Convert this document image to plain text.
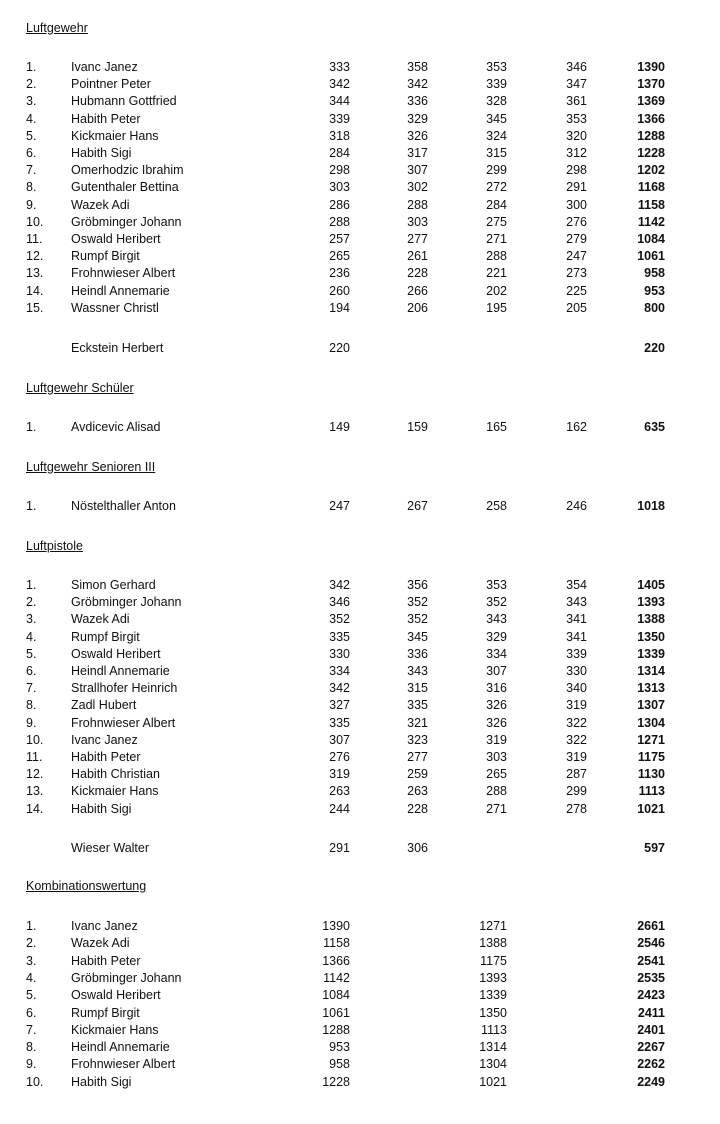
Luftgewehr
1.	Ivanc Janez	333	358	353	346	1390
2.	Pointner Peter	342	342	339	347	1370
3.	Hubmann Gottfried	344	336	328	361	1369
4.	Habith Peter	339	329	345	353	1366
5.	Kickmaier Hans	318	326	324	320	1288
6.	Habith Sigi	284	317	315	312	1228
7.	Omerhodzic Ibrahim	298	307	299	298	1202
8.	Gutenthaler Bettina	303	302	272	291	1168
9.	Wazek Adi	286	288	284	300	1158
10. Gröbminger Johann	288	303	275	276	1142
11. Oswald Heribert	257	277	271	279	1084
12. Rumpf Birgit	265	261	288	247	1061
13. Frohnwieser Albert	236	228	221	273	958
14. Heindl Annemarie	260	266	202	225	953
15. Wassner Christl	194	206	195	205	800
Eckstein Herbert	220	220
Luftgewehr Schüler
1.	Avdicevic Alisad	149	159	165	162	635
Luftgewehr Senioren III
1.	Nöstelthaller Anton	247	267	258	246	1018
Luftpistole
1.	Simon Gerhard	342	356	353	354	1405
2.	Gröbminger Johann	346	352	352	343	1393
3.	Wazek Adi	352	352	343	341	1388
4.	Rumpf Birgit	335	345	329	341	1350
5.	Oswald Heribert	330	336	334	339	1339
6.	Heindl Annemarie	334	343	307	330	1314
7.	Strallhofer Heinrich	342	315	316	340	1313
8.	Zadl Hubert	327	335	326	319	1307
9.	Frohnwieser Albert	335	321	326	322	1304
10. Ivanc Janez	307	323	319	322	1271
11. Habith Peter	276	277	303	319	1175
12. Habith Christian	319	259	265	287	1130
13. Kickmaier Hans	263	263	288	299	1113
14. Habith Sigi	244	228	271	278	1021
Wieser Walter	291	306	597
Kombinationswertung
1.	Ivanc Janez	1390	1271	2661
2.	Wazek Adi	1158	1388	2546
3.	Habith Peter	1366	1175	2541
4.	Gröbminger Johann	1142	1393	2535
5.	Oswald Heribert	1084	1339	2423
6.	Rumpf Birgit	1061	1350	2411
7.	Kickmaier Hans	1288	1113	2401
8.	Heindl Annemarie	953	1314	2267
9.	Frohnwieser Albert	958	1304	2262
10. Habith Sigi	1228	1021	2249
